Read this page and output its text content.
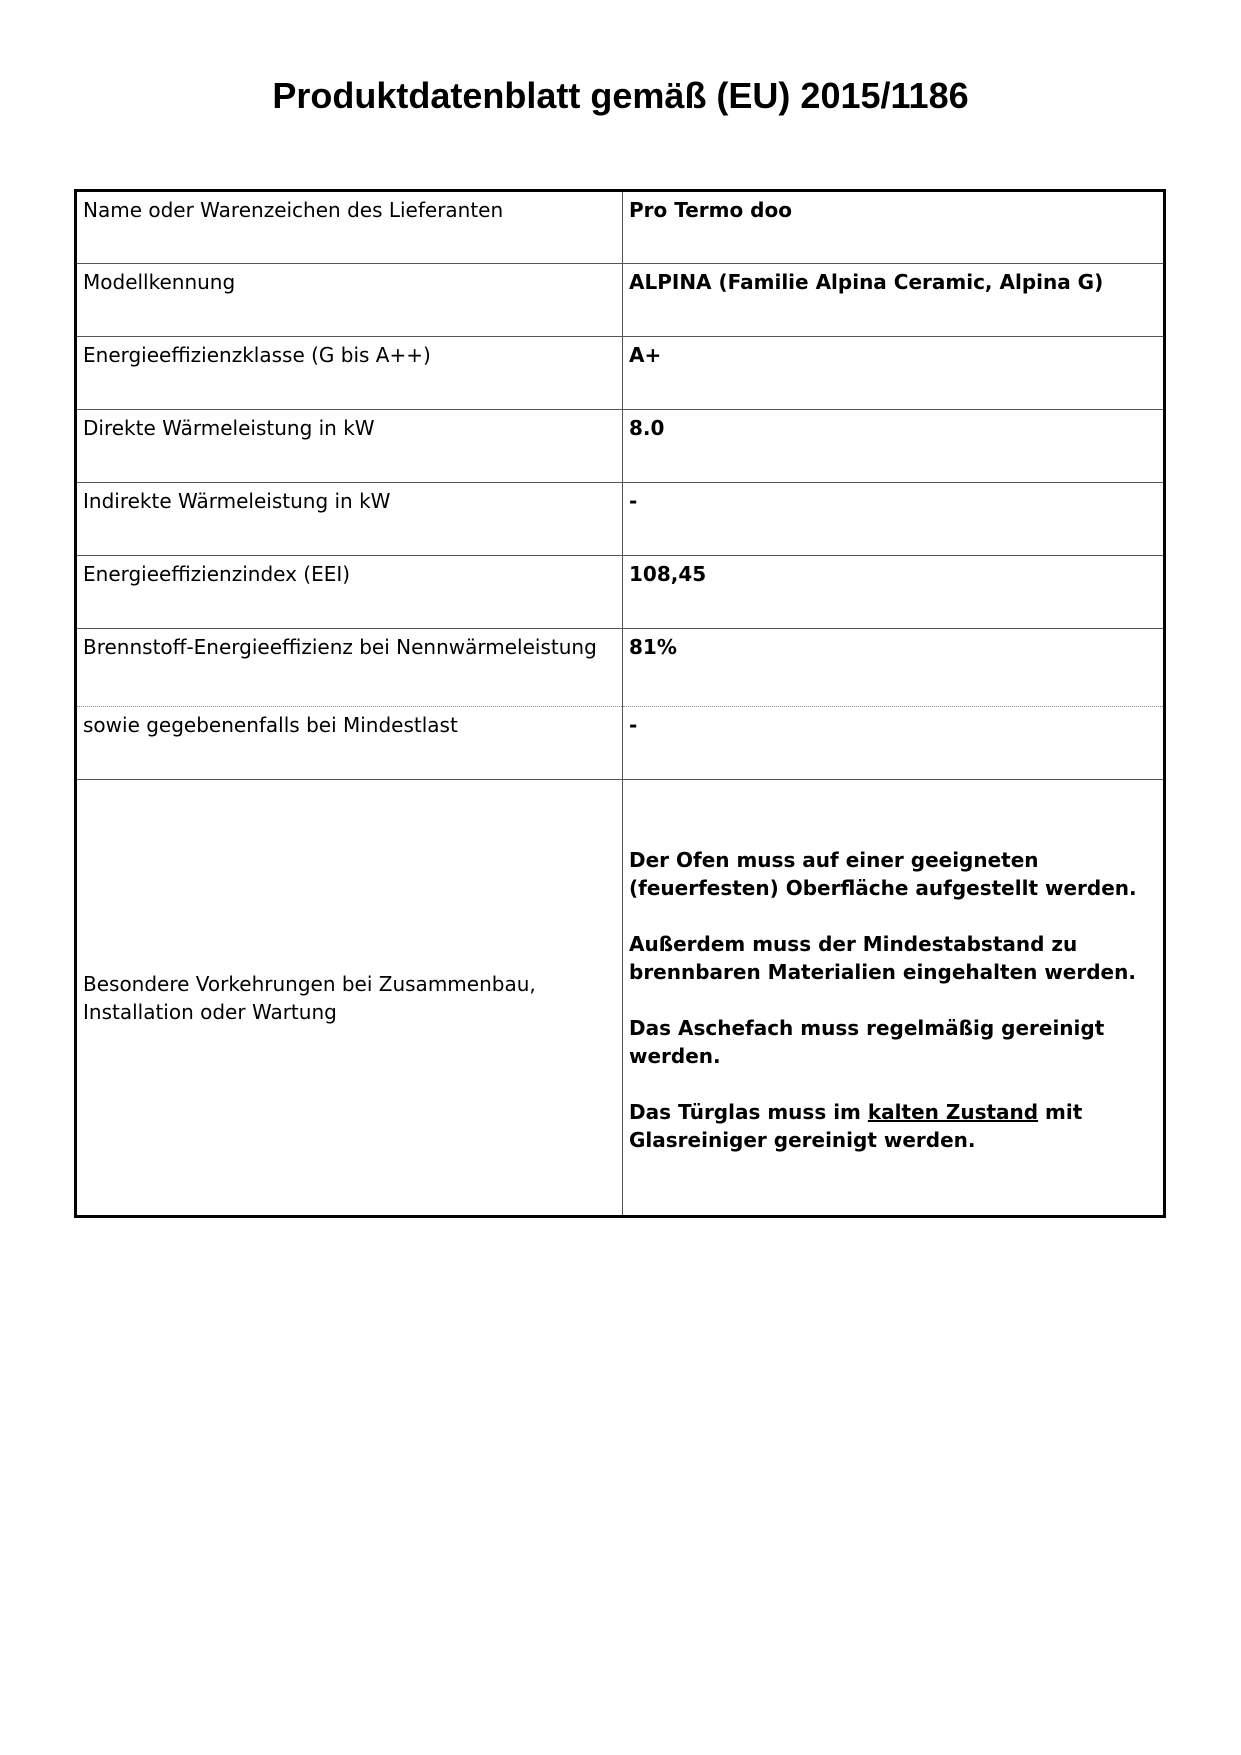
Produktdatenblatt gemäß (EU) 2015/1186
Name oder Warenzeichen des Lieferanten	Pro Termo doo
Modellkennung	ALPINA (Familie Alpina Ceramic, Alpina G)
Energieeffizienzklasse (G bis A++)	A+
Direkte Wärmeleistung in kW	8.0
Indirekte Wärmeleistung in kW	-
Energieeffizienzindex (EEI)	108,45
Brennstoff-Energieeffizienz bei Nennwärmeleistung	81%
sowie gegebenenfalls bei Mindestlast	-
Besondere Vorkehrungen bei Zusammenbau, Installation oder Wartung	Der Ofen muss auf einer geeigneten (feuerfesten) Oberfläche aufgestellt werden.
Außerdem muss der Mindestabstand zu brennbaren Materialien eingehalten werden.
Das Aschefach muss regelmäßig gereinigt werden.
Das Türglas muss im kalten Zustand mit Glasreiniger gereinigt werden.
